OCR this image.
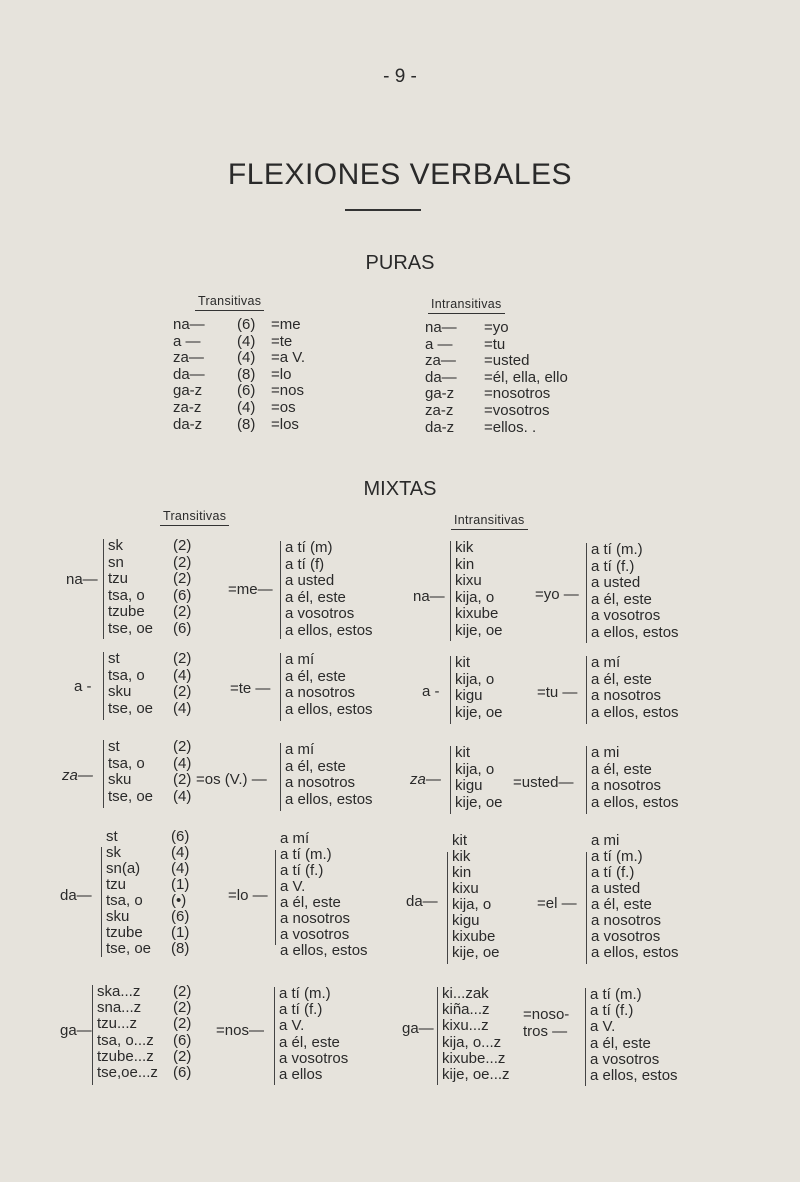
- 9 -
FLEXIONES VERBALES
PURAS
Transitivas	Intransitivas
na—
a —
za—
da—
ga-z
za-z
da-z
(6)
(4)
(4)
(8)
(6)
(4)
(8)
=me
=te
=a V.
=lo
=nos
=os
=los
na—
a —
za—
da—
ga-z
za-z
da-z
=yo
=tu
=usted
=él, ella, ello
=nosotros
=vosotros
=ellos. .
MIXTAS
Transitivas	Intransitivas
na—
sk
sn
tzu
tsa, o
tzube
tse, oe
(2)
(2)
(2)
(6)
(2)
(6)
=me—
a tí (m)
a tí (f)
a usted
a él, este
a vosotros
a ellos, estos
na—
kik
kin
kixu
kija, o
kixube
kije, oe
=yo —
a tí (m.)
a tí (f.)
a usted
a él, este
a vosotros
a ellos, estos
a -
st
tsa, o
sku
tse, oe
(2)
(4)
(2)
(4)
=te —
a mí
a él, este
a nosotros
a ellos, estos
a -
kit
kija, o
kigu
kije, oe
=tu —
a mí
a él, este
a nosotros
a ellos, estos
za—
st
tsa, o
sku
tse, oe
(2)
(4)
(2)
(4)
=os (V.) —
a mí
a él, este
a nosotros
a ellos, estos
za—
kit
kija, o
kigu
kije, oe
=usted—
a mi
a él, este
a nosotros
a ellos, estos
da—
st
sk
sn(a)
tzu
tsa, o
sku
tzube
tse, oe
(6)
(4)
(4)
(1)
(•)
(6)
(1)
(8)
=lo —
a mí
a tí (m.)
a tí (f.)
a V.
a él, este
a nosotros
a vosotros
a ellos, estos
da—
kit
kik
kin
kixu
kija, o
kigu
kixube
kije, oe
=el —
a mi
a tí (m.)
a tí (f.)
a usted
a él, este
a nosotros
a vosotros
a ellos, estos
ga—
ska...z
sna...z
tzu...z
tsa, o...z
tzube...z
tse,oe...z
(2)
(2)
(2)
(6)
(2)
(6)
=nos—
a tí (m.)
a tí (f.)
a V.
a él, este
a vosotros
a ellos
ga—
ki...zak
kiña...z
kixu...z
kija, o...z
kixube...z
kije, oe...z
=noso-
tros —
a tí (m.)
a tí (f.)
a V.
a él, este
a vosotros
a ellos, estos
